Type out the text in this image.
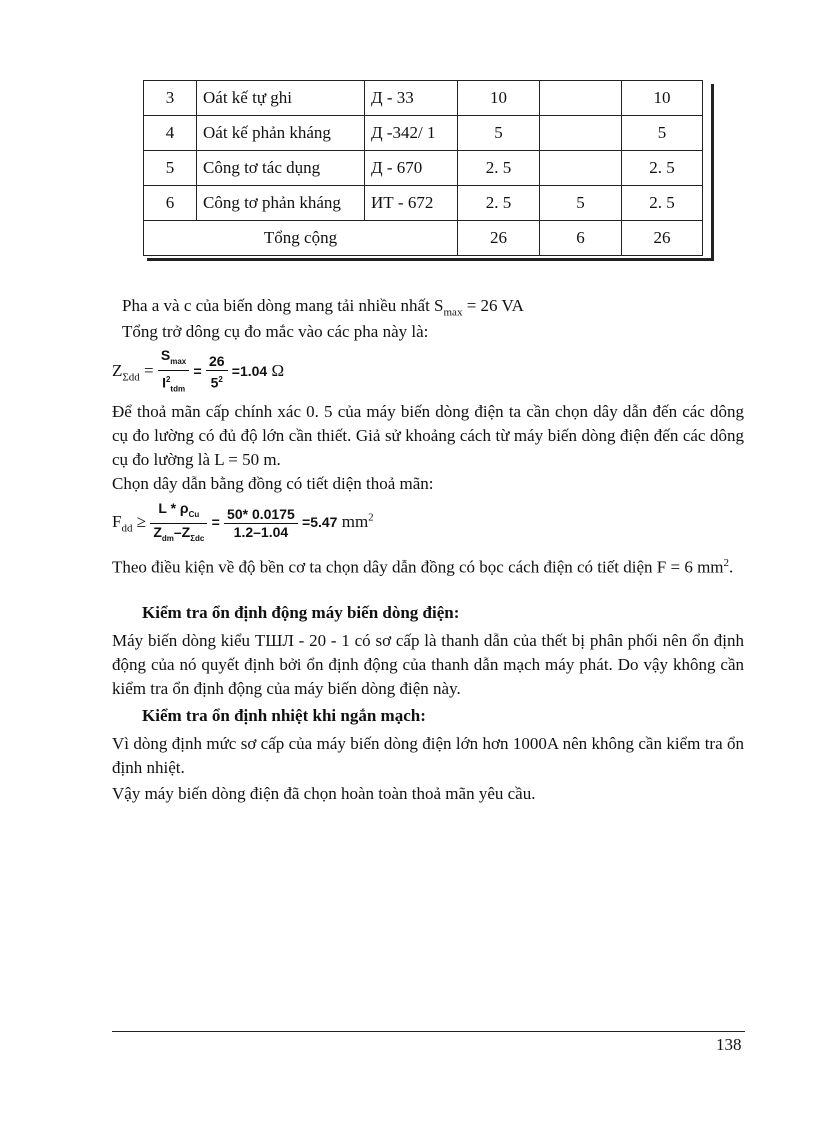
3	Oát kế tự ghi	Д - 33	10		10
4	Oát kế phản kháng	Д -342/ 1	5		5
5	Công tơ tác dụng	Д - 670	2. 5		2. 5
6	Công tơ phản kháng	ИТ - 672	2. 5	5	2. 5
Tổng cộng			26	6	26
Pha a và c của biến dòng mang tải nhiều nhất $S_{max} = 26$ VA
Tổng trở dông cụ đo mắc vào các pha này là:
$Z_{\Sigma dd} = \frac{S_{max}}{I^2_{tdm}} = \frac{26}{5^2} =1.04$ Ω
Để thoả mãn cấp chính xác 0. 5 của máy biến dòng điện ta cần chọn dây dẫn đến các dông cụ đo lường có đủ độ lớn cần thiết. Giả sử khoảng cách từ máy biến dòng điện đến các dông cụ đo lường là L = 50 m.
Chọn dây dẫn bằng đồng có tiết diện thoả mãn:
$F_{dd} \ge \frac{L * \rho_{Cu}}{Z_{dm}-Z_{\Sigma dc}} = \frac{50* 0.0175}{1.2-1.04} =5.47$ $mm^2$
Theo điều kiện về độ bền cơ ta chọn dây dẫn đồng có bọc cách điện có tiết diện F = 6 $mm^2$.
Kiểm tra ổn định động máy biến dòng điện:
Máy biến dòng kiểu ТШЛ - 20 - 1 có sơ cấp là thanh dẫn của thết bị phân phối nên ổn định động của nó quyết định bởi ổn định động của thanh dẫn mạch máy phát. Do vậy không cần kiểm tra ổn định động của máy biến dòng điện này.
Kiểm tra ổn định nhiệt khi ngắn mạch:
Vì dòng định mức sơ cấp của máy biến dòng điện lớn hơn 1000A nên không cần kiểm tra ổn định nhiệt.
Vậy máy biến dòng điện đã chọn hoàn toàn thoả mãn yêu cầu.
138
